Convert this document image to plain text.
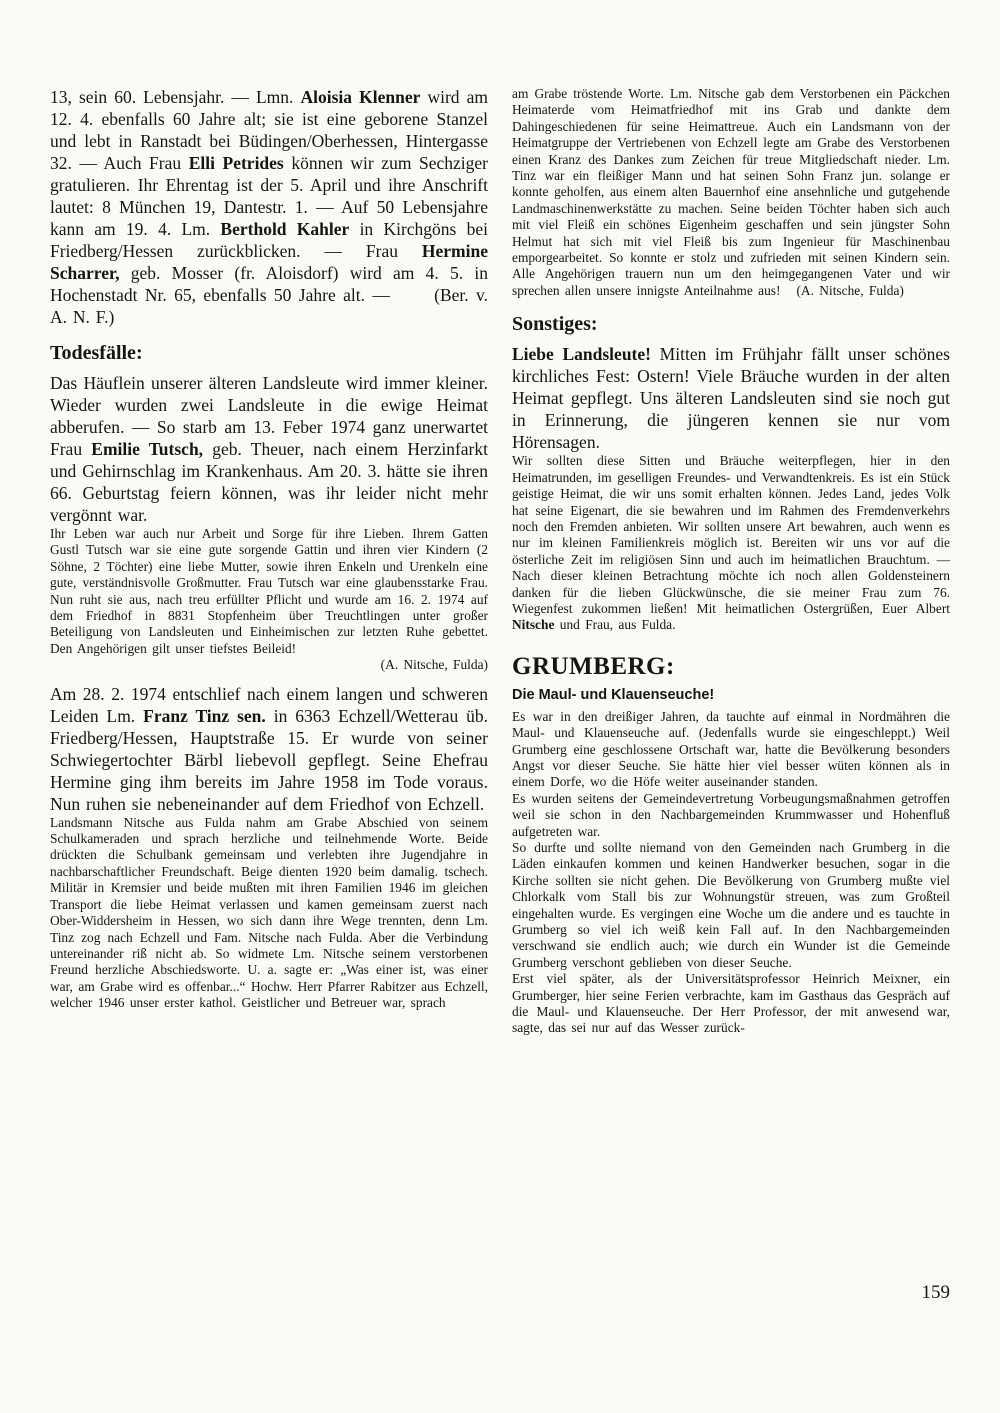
13, sein 60. Lebensjahr. — Lmn. Aloisia Klenner wird am 12. 4. ebenfalls 60 Jahre alt; sie ist eine geborene Stanzel und lebt in Ranstadt bei Büdingen/Oberhessen, Hintergasse 32. — Auch Frau Elli Petrides können wir zum Sechziger gratulieren. Ihr Ehrentag ist der 5. April und ihre Anschrift lautet: 8 München 19, Dantestr. 1. — Auf 50 Lebensjahre kann am 19. 4. Lm. Berthold Kahler in Kirchgöns bei Friedberg/Hessen zurückblicken. — Frau Hermine Scharrer, geb. Mosser (fr. Aloisdorf) wird am 4. 5. in Hochenstadt Nr. 65, ebenfalls 50 Jahre alt. —      (Ber. v. A. N. F.)

Todesfälle:

Das Häuflein unserer älteren Landsleute wird immer kleiner. Wieder wurden zwei Landsleute in die ewige Heimat abberufen. — So starb am 13. Feber 1974 ganz unerwartet Frau Emilie Tutsch, geb. Theuer, nach einem Herzinfarkt und Gehirnschlag im Krankenhaus. Am 20. 3. hätte sie ihren 66. Geburtstag feiern können, was ihr leider nicht mehr vergönnt war.

Ihr Leben war auch nur Arbeit und Sorge für ihre Lieben. Ihrem Gatten Gustl Tutsch war sie eine gute sorgende Gattin und ihren vier Kindern (2 Söhne, 2 Töchter) eine liebe Mutter, sowie ihren Enkeln und Urenkeln eine gute, verständnisvolle Großmutter. Frau Tutsch war eine glaubensstarke Frau. Nun ruht sie aus, nach treu erfüllter Pflicht und wurde am 16. 2. 1974 auf dem Friedhof in 8831 Stopfenheim über Treuchtlingen unter großer Beteiligung von Landsleuten und Einheimischen zur letzten Ruhe gebettet. Den Angehörigen gilt unser tiefstes Beileid!

(A. Nitsche, Fulda)

Am 28. 2. 1974 entschlief nach einem langen und schweren Leiden Lm. Franz Tinz sen. in 6363 Echzell/Wetterau üb. Friedberg/Hessen, Hauptstraße 15. Er wurde von seiner Schwiegertochter Bärbl liebevoll gepflegt. Seine Ehefrau Hermine ging ihm bereits im Jahre 1958 im Tode voraus. Nun ruhen sie nebeneinander auf dem Friedhof von Echzell.

Landsmann Nitsche aus Fulda nahm am Grabe Abschied von seinem Schulkameraden und sprach herzliche und teilnehmende Worte. Beide drückten die Schulbank gemeinsam und verlebten ihre Jugendjahre in nachbarschaftlicher Freundschaft. Beige dienten 1920 beim damalig. tschech. Militär in Kremsier und beide mußten mit ihren Familien 1946 im gleichen Transport die liebe Heimat verlassen und kamen gemeinsam zuerst nach Ober-Widdersheim in Hessen, wo sich dann ihre Wege trennten, denn Lm. Tinz zog nach Echzell und Fam. Nitsche nach Fulda. Aber die Verbindung untereinander riß nicht ab. So widmete Lm. Nitsche seinem verstorbenen Freund herzliche Abschiedsworte. U. a. sagte er: „Was einer ist, was einer war, am Grabe wird es offenbar...“ Hochw. Herr Pfarrer Rabitzer aus Echzell, welcher 1946 unser erster kathol. Geistlicher und Betreuer war, sprach

am Grabe tröstende Worte. Lm. Nitsche gab dem Verstorbenen ein Päckchen Heimaterde vom Heimatfriedhof mit ins Grab und dankte dem Dahingeschiedenen für seine Heimattreue. Auch ein Landsmann von der Heimatgruppe der Vertriebenen von Echzell legte am Grabe des Verstorbenen einen Kranz des Dankes zum Zeichen für treue Mitgliedschaft nieder. Lm. Tinz war ein fleißiger Mann und hat seinen Sohn Franz jun. solange er konnte geholfen, aus einem alten Bauernhof eine ansehnliche und gutgehende Landmaschinenwerkstätte zu machen. Seine beiden Töchter haben sich auch mit viel Fleiß ein schönes Eigenheim geschaffen und sein jüngster Sohn Helmut hat sich mit viel Fleiß bis zum Ingenieur für Maschinenbau emporgearbeitet. So konnte er stolz und zufrieden mit seinen Kindern sein. Alle Angehörigen trauern nun um den heimgegangenen Vater und wir sprechen allen unsere innigste Anteilnahme aus!   (A. Nitsche, Fulda)

Sonstiges:

Liebe Landsleute! Mitten im Frühjahr fällt unser schönes kirchliches Fest: Ostern! Viele Bräuche wurden in der alten Heimat gepflegt. Uns älteren Landsleuten sind sie noch gut in Erinnerung, die jüngeren kennen sie nur vom Hörensagen.

Wir sollten diese Sitten und Bräuche weiterpflegen, hier in den Heimatrunden, im geselligen Freundes- und Verwandtenkreis. Es ist ein Stück geistige Heimat, die wir uns somit erhalten können. Jedes Land, jedes Volk hat seine Eigenart, die sie bewahren und im Rahmen des Fremdenverkehrs noch den Fremden anbieten. Wir sollten unsere Art bewahren, auch wenn es nur im kleinen Familienkreis möglich ist. Bereiten wir uns vor auf die österliche Zeit im religiösen Sinn und auch im heimatlichen Brauchtum. — Nach dieser kleinen Betrachtung möchte ich noch allen Goldensteinern danken für die lieben Glückwünsche, die sie meiner Frau zum 76. Wiegenfest zukommen ließen! Mit heimatlichen Ostergrüßen, Euer Albert Nitsche und Frau, aus Fulda.

GRUMBERG:
Die Maul- und Klauenseuche!

Es war in den dreißiger Jahren, da tauchte auf einmal in Nordmähren die Maul- und Klauenseuche auf. (Jedenfalls wurde sie eingeschleppt.) Weil Grumberg eine geschlossene Ortschaft war, hatte die Bevölkerung besonders Angst vor dieser Seuche. Sie hätte hier viel besser wüten können als in einem Dorfe, wo die Höfe weiter auseinander standen.

Es wurden seitens der Gemeindevertretung Vorbeugungsmaßnahmen getroffen weil sie schon in den Nachbargemeinden Krummwasser und Hohenfluß aufgetreten war.

So durfte und sollte niemand von den Gemeinden nach Grumberg in die Läden einkaufen kommen und keinen Handwerker besuchen, sogar in die Kirche sollten sie nicht gehen. Die Bevölkerung von Grumberg mußte viel Chlorkalk vom Stall bis zur Wohnungstür streuen, was zum Großteil eingehalten wurde. Es vergingen eine Woche um die andere und es tauchte in Grumberg so viel ich weiß kein Fall auf. In den Nachbargemeinden verschwand sie endlich auch; wie durch ein Wunder ist die Gemeinde Grumberg verschont geblieben von dieser Seuche.

Erst viel später, als der Universitätsprofessor Heinrich Meixner, ein Grumberger, hier seine Ferien verbrachte, kam im Gasthaus das Gespräch auf die Maul- und Klauenseuche. Der Herr Professor, der mit anwesend war, sagte, das sei nur auf das Wesser zurück-

159
